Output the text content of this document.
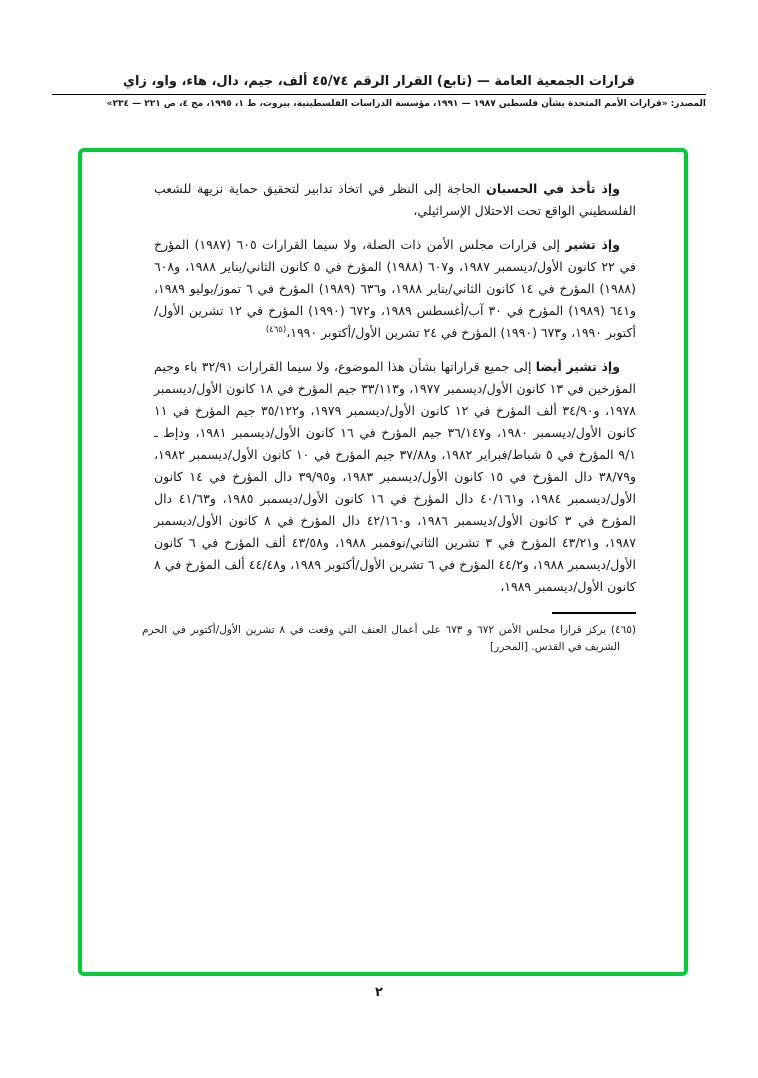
قرارات الجمعية العامة — (تابع) القرار الرقم ٤٥/٧٤ ألف، جيم، دال، هاء، واو، زاي
المصدر: «قرارات الأمم المتحدة بشأن فلسطين ١٩٨٧ — ١٩٩١، مؤسسة الدراسات الفلسطينية، بيروت، ط ١، ١٩٩٥، مج ٤، ص ٢٢١ — ٢٣٤»

وإذ تأخذ في الحسبان الحاجة إلى النظر في اتخاذ تدابير لتحقيق حماية نزيهة للشعب الفلسطيني الواقع تحت الاحتلال الإسرائيلي،

وإذ تشير إلى قرارات مجلس الأمن ذات الصلة، ولا سيما القرارات ٦٠٥ (١٩٨٧) المؤرخ في ٢٢ كانون الأول/ديسمبر ١٩٨٧، و٦٠٧ (١٩٨٨) المؤرخ في ٥ كانون الثاني/يناير ١٩٨٨، و٦٠٨ (١٩٨٨) المؤرخ في ١٤ كانون الثاني/يناير ١٩٨٨، و٦٣٦ (١٩٨٩) المؤرخ في ٦ تموز/يوليو ١٩٨٩، و٦٤١ (١٩٨٩) المؤرخ في ٣٠ آب/أغسطس ١٩٨٩، و٦٧٢ (١٩٩٠) المؤرخ في ١٢ تشرين الأول/أكتوبر ١٩٩٠، و٦٧٣ (١٩٩٠) المؤرخ في ٢٤ تشرين الأول/أكتوبر ١٩٩٠،$^{(٤٦٥)}$

وإذ تشير أيضا إلى جميع قراراتها بشأن هذا الموضوع، ولا سيما القرارات ٣٢/٩١ باء وجيم المؤرخين في ١٣ كانون الأول/ديسمبر ١٩٧٧، و٣٣/١١٣ جيم المؤرخ في ١٨ كانون الأول/ديسمبر ١٩٧٨، و٣٤/٩٠ ألف المؤرخ في ١٢ كانون الأول/ديسمبر ١٩٧٩، و٣٥/١٢٢ جيم المؤرخ في ١١ كانون الأول/ديسمبر ١٩٨٠، و٣٦/١٤٧ جيم المؤرخ في ١٦ كانون الأول/ديسمبر ١٩٨١، ودإط ـ ٩/١ المؤرخ في ٥ شباط/فبراير ١٩٨٢، و٣٧/٨٨ جيم المؤرخ في ١٠ كانون الأول/ديسمبر ١٩٨٢، و٣٨/٧٩ دال المؤرخ في ١٥ كانون الأول/ديسمبر ١٩٨٣، و٣٩/٩٥ دال المؤرخ في ١٤ كانون الأول/ديسمبر ١٩٨٤، و٤٠/١٦١ دال المؤرخ في ١٦ كانون الأول/ديسمبر ١٩٨٥، و٤١/٦٣ دال المؤرخ في ٣ كانون الأول/ديسمبر ١٩٨٦، و٤٢/١٦٠ دال المؤرخ في ٨ كانون الأول/ديسمبر ١٩٨٧، و٤٣/٢١ المؤرخ في ٣ تشرين الثاني/نوفمبر ١٩٨٨، و٤٣/٥٨ ألف المؤرخ في ٦ كانون الأول/ديسمبر ١٩٨٨، و٤٤/٢ المؤرخ في ٦ تشرين الأول/أكتوبر ١٩٨٩، و٤٤/٤٨ ألف المؤرخ في ٨ كانون الأول/ديسمبر ١٩٨٩،

(٤٦٥) يركز قرارا مجلس الأمن ٦٧٢ و ٦٧٣ على أعمال العنف التي وقعت في ٨ تشرين الأول/أكتوبر في الحرم الشريف في القدس. [المحرر]
٢
